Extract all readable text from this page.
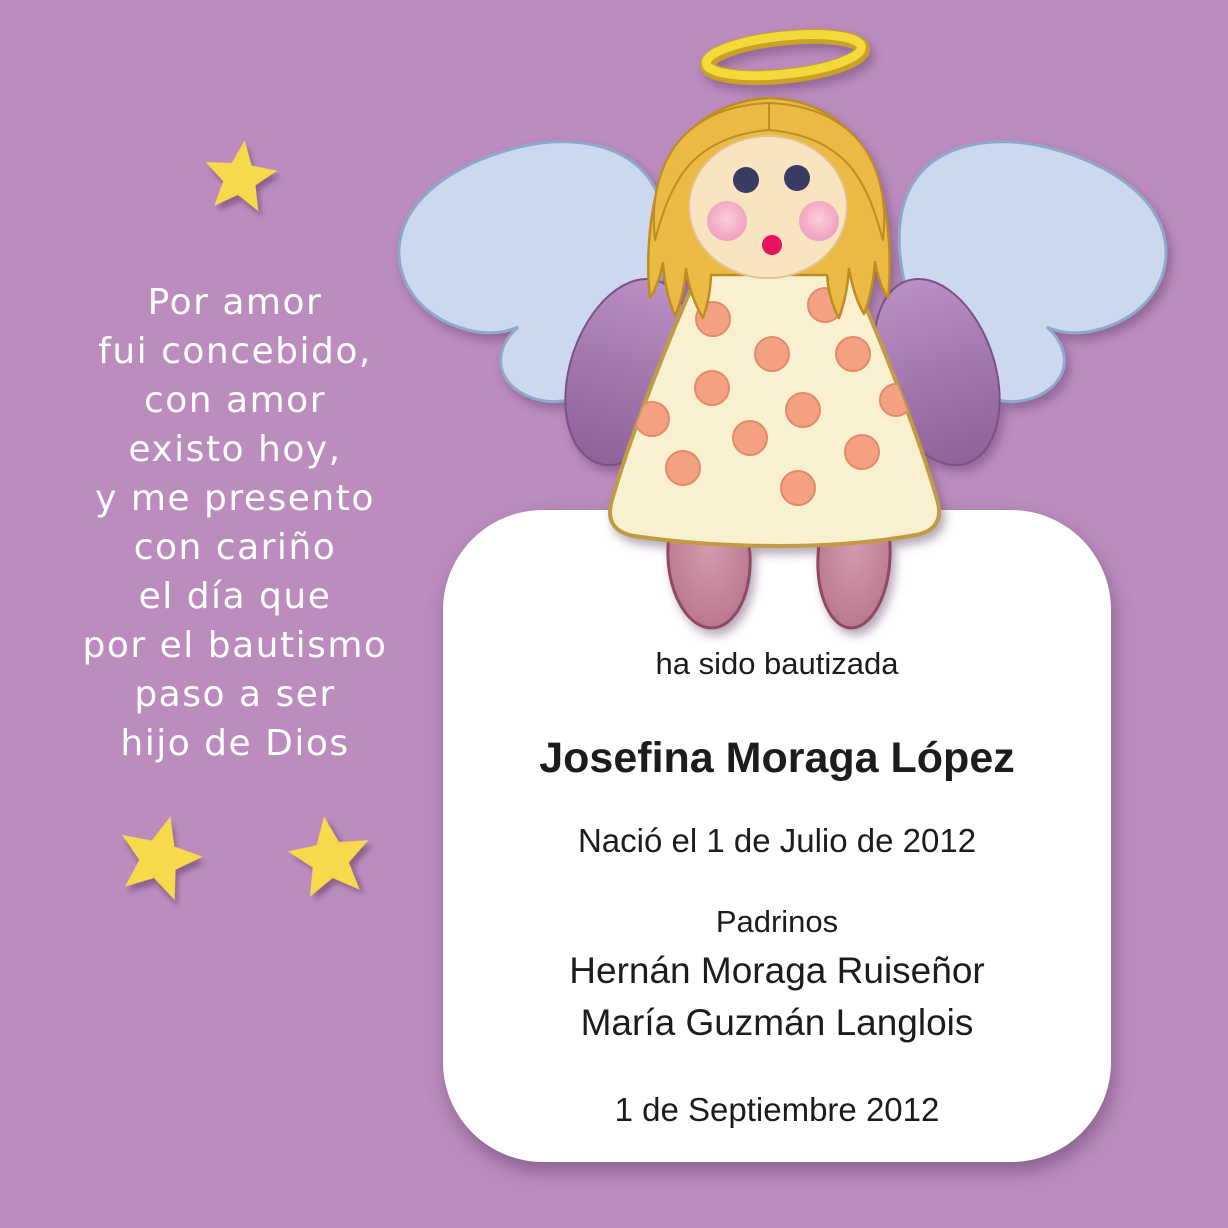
Por amor
fui concebido,
con amor
existo hoy,
y me presento
con cariño
el día que
por el bautismo
paso a ser
hijo de Dios
ha sido bautizada
Josefina Moraga López
Nació el 1 de Julio de 2012
Padrinos
Hernán Moraga Ruiseñor
María Guzmán Langlois
1 de Septiembre 2012
